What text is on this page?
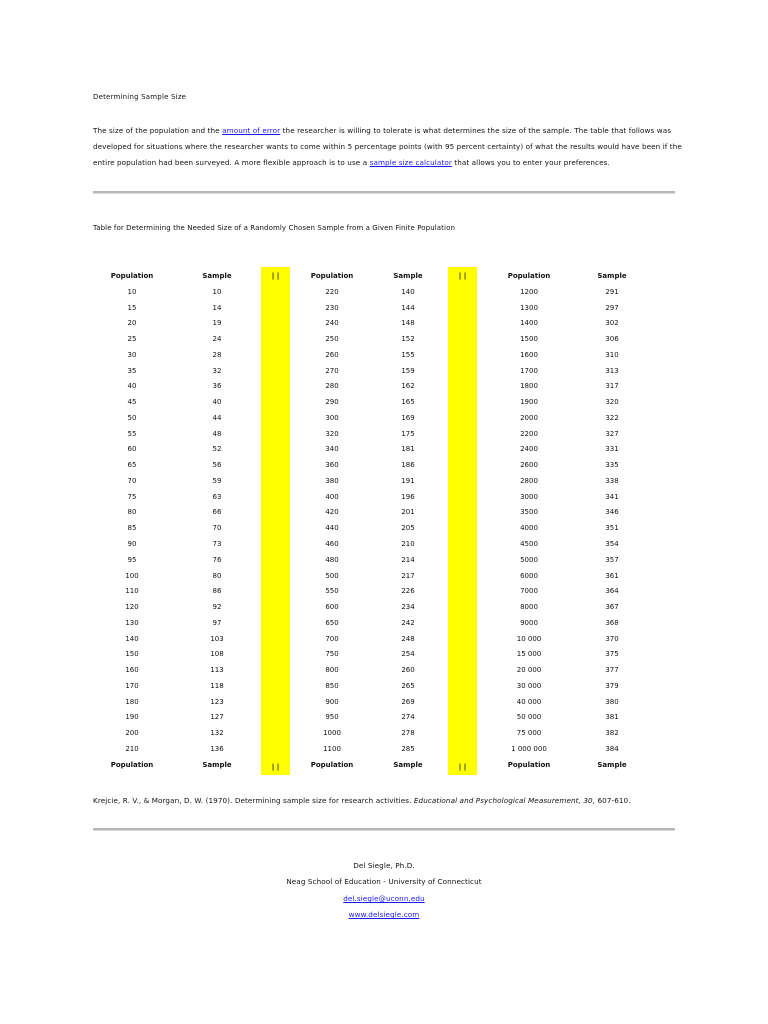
Determining Sample Size

The size of the population and the amount of error the researcher is willing to tolerate is what determines the size of the sample. The table that follows was developed for situations where the researcher wants to come within 5 percentage points (with 95 percent certainty) of what the results would have been if the entire population had been surveyed. A more flexible approach is to use a sample size calculator that allows you to enter your preferences.

Table for Determining the Needed Size of a Randomly Chosen Sample from a Given Finite Population

| |	| |
| |	| |
Population
10
15
20
25
30
35
40
45
50
55
60
65
70
75
80
85
90
95
100
110
120
130
140
150
160
170
180
190
200
210
Population
Sample
10
14
19
24
28
32
36
40
44
48
52
56
59
63
66
70
73
76
80
86
92
97
103
108
113
118
123
127
132
136
Sample
Population
220
230
240
250
260
270
280
290
300
320
340
360
380
400
420
440
460
480
500
550
600
650
700
750
800
850
900
950
1000
1100
Population
Sample
140
144
148
152
155
159
162
165
169
175
181
186
191
196
201
205
210
214
217
226
234
242
248
254
260
265
269
274
278
285
Sample
Population
1200
1300
1400
1500
1600
1700
1800
1900
2000
2200
2400
2600
2800
3000
3500
4000
4500
5000
6000
7000
8000
9000
10 000
15 000
20 000
30 000
40 000
50 000
75 000
1 000 000
Population
Sample
291
297
302
306
310
313
317
320
322
327
331
335
338
341
346
351
354
357
361
364
367
368
370
375
377
379
380
381
382
384
Sample

Krejcie, R. V., & Morgan, D. W. (1970). Determining sample size for research activities. Educational and Psychological Measurement, 30, 607-610.

Del Siegle, Ph.D.
Neag School of Education - University of Connecticut
del.siegle@uconn.edu
www.delsiegle.com
